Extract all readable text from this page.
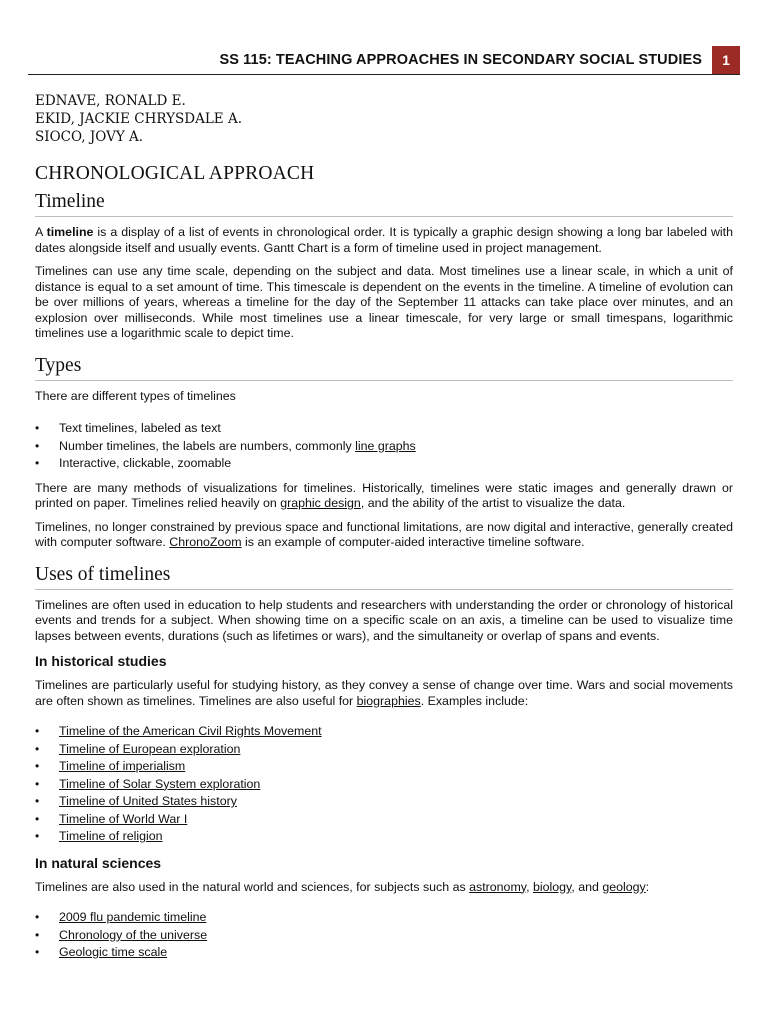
SS 115: TEACHING APPROACHES IN SECONDARY SOCIAL STUDIES	1
EDNAVE, RONALD E.
EKID, JACKIE CHRYSDALE A.
SIOCO, JOVY A.
CHRONOLOGICAL APPROACH
Timeline

A timeline is a display of a list of events in chronological order. It is typically a graphic design showing a long bar labeled with dates alongside itself and usually events. Gantt Chart is a form of timeline used in project management.

Timelines can use any time scale, depending on the subject and data. Most timelines use a linear scale, in which a unit of distance is equal to a set amount of time. This timescale is dependent on the events in the timeline. A timeline of evolution can be over millions of years, whereas a timeline for the day of the September 11 attacks can take place over minutes, and an explosion over milliseconds. While most timelines use a linear timescale, for very large or small timespans, logarithmic timelines use a logarithmic scale to depict time.

Types

There are different types of timelines

• Text timelines, labeled as text
• Number timelines, the labels are numbers, commonly line graphs
• Interactive, clickable, zoomable

There are many methods of visualizations for timelines. Historically, timelines were static images and generally drawn or printed on paper. Timelines relied heavily on graphic design, and the ability of the artist to visualize the data.

Timelines, no longer constrained by previous space and functional limitations, are now digital and interactive, generally created with computer software. ChronoZoom is an example of computer-aided interactive timeline software.

Uses of timelines

Timelines are often used in education to help students and researchers with understanding the order or chronology of historical events and trends for a subject. When showing time on a specific scale on an axis, a timeline can be used to visualize time lapses between events, durations (such as lifetimes or wars), and the simultaneity or overlap of spans and events.

In historical studies

Timelines are particularly useful for studying history, as they convey a sense of change over time. Wars and social movements are often shown as timelines. Timelines are also useful for biographies. Examples include:

• Timeline of the American Civil Rights Movement
• Timeline of European exploration
• Timeline of imperialism
• Timeline of Solar System exploration
• Timeline of United States history
• Timeline of World War I
• Timeline of religion
In natural sciences

Timelines are also used in the natural world and sciences, for subjects such as astronomy, biology, and geology:

• 2009 flu pandemic timeline
• Chronology of the universe
• Geologic time scale
